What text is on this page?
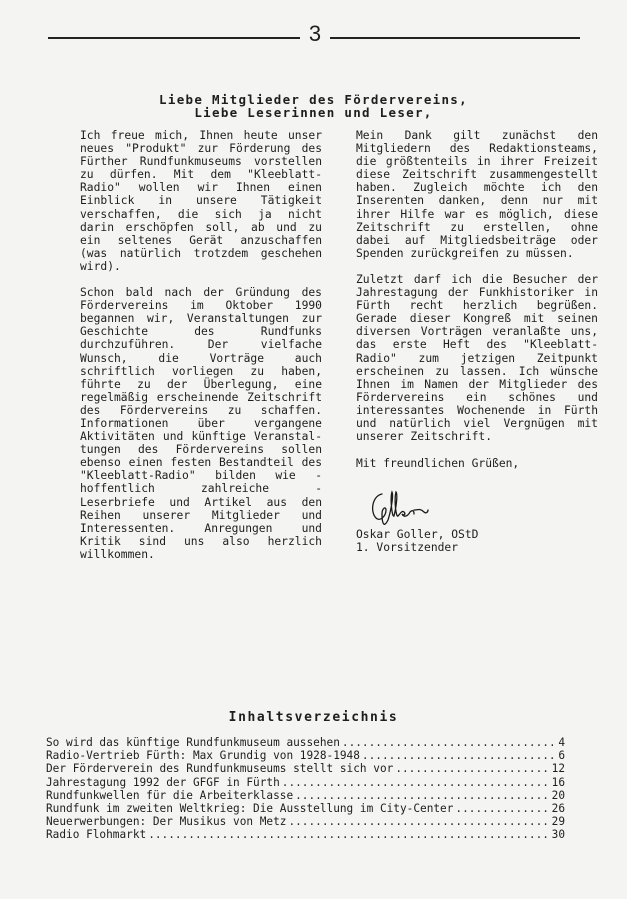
3
Liebe Mitglieder des Fördervereins,
Liebe Leserinnen und Leser,

Ich freue mich, Ihnen heute unser neues "Produkt" zur Förderung des Fürther Rundfunkmuseums vorstellen zu dürfen. Mit dem "Kleeblatt-Radio" wollen wir Ihnen einen Einblick in unsere Tätigkeit verschaffen, die sich ja nicht darin erschöpfen soll, ab und zu ein seltenes Gerät anzuschaffen (was natürlich trotzdem geschehen wird).

Schon bald nach der Gründung des Fördervereins im Oktober 1990 begannen wir, Veranstaltungen zur Geschichte des Rundfunks durchzuführen. Der vielfache Wunsch, die Vorträge auch schriftlich vorliegen zu haben, führte zu der Überlegung, eine regelmäßig erscheinende Zeitschrift des Fördervereins zu schaffen. Informationen über vergangene Aktivitäten und künftige Veranstal-tungen des Fördervereins sollen ebenso einen festen Bestandteil des "Kleeblatt-Radio" bilden wie - hoffentlich zahlreiche - Leserbriefe und Artikel aus den Reihen unserer Mitglieder und Interessenten. Anregungen und Kritik sind uns also herzlich willkommen.

Mein Dank gilt zunächst den Mitgliedern des Redaktionsteams, die größtenteils in ihrer Freizeit diese Zeitschrift zusammengestellt haben. Zugleich möchte ich den Inserenten danken, denn nur mit ihrer Hilfe war es möglich, diese Zeitschrift zu erstellen, ohne dabei auf Mitgliedsbeiträge oder Spenden zurückgreifen zu müssen.

Zuletzt darf ich die Besucher der Jahrestagung der Funkhistoriker in Fürth recht herzlich begrüßen. Gerade dieser Kongreß mit seinen diversen Vorträgen veranlaßte uns, das erste Heft des "Kleeblatt-Radio" zum jetzigen Zeitpunkt erscheinen zu lassen. Ich wünsche Ihnen im Namen der Mitglieder des Fördervereins ein schönes und interessantes Wochenende in Fürth und natürlich viel Vergnügen mit unserer Zeitschrift.

Mit freundlichen Grüßen,

Oskar Goller, OStD
1. Vorsitzender
Inhaltsverzeichnis
So wird das künftige Rundfunkmuseum aussehen .....	4
Radio-Vertrieb Fürth: Max Grundig von 1928-1948 .....	6
Der Förderverein des Rundfunkmuseums stellt sich vor .....	12
Jahrestagung 1992 der GFGF in Fürth .....	16
Rundfunkwellen für die Arbeiterklasse .....	20
Rundfunk im zweiten Weltkrieg: Die Ausstellung im City-Center .....	26
Neuerwerbungen: Der Musikus von Metz .....	29
Radio Flohmarkt .....	30
